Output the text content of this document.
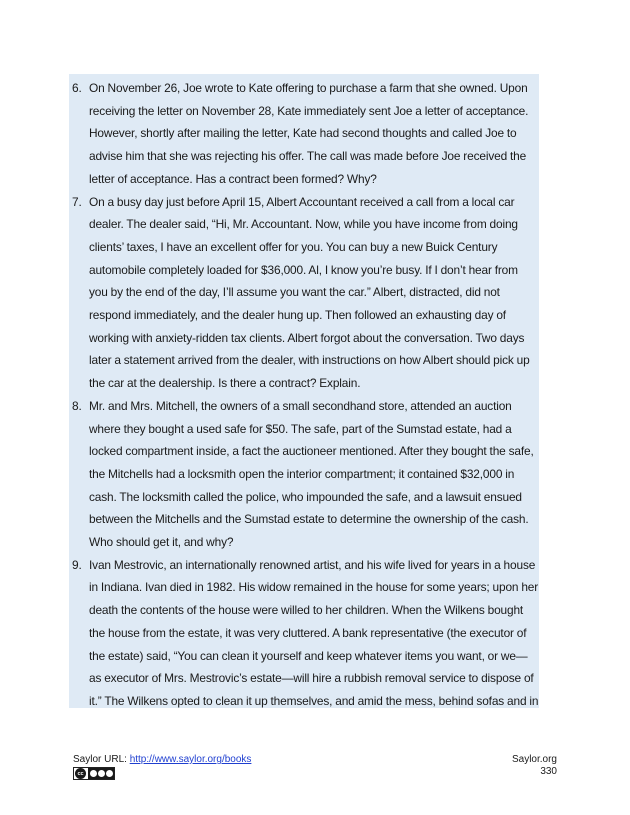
6. On November 26, Joe wrote to Kate offering to purchase a farm that she owned. Upon receiving the letter on November 28, Kate immediately sent Joe a letter of acceptance. However, shortly after mailing the letter, Kate had second thoughts and called Joe to advise him that she was rejecting his offer. The call was made before Joe received the letter of acceptance. Has a contract been formed? Why?
7. On a busy day just before April 15, Albert Accountant received a call from a local car dealer. The dealer said, “Hi, Mr. Accountant. Now, while you have income from doing clients’ taxes, I have an excellent offer for you. You can buy a new Buick Century automobile completely loaded for $36,000. Al, I know you’re busy. If I don’t hear from you by the end of the day, I’ll assume you want the car.” Albert, distracted, did not respond immediately, and the dealer hung up. Then followed an exhausting day of working with anxiety-ridden tax clients. Albert forgot about the conversation. Two days later a statement arrived from the dealer, with instructions on how Albert should pick up the car at the dealership. Is there a contract? Explain.
8. Mr. and Mrs. Mitchell, the owners of a small secondhand store, attended an auction where they bought a used safe for $50. The safe, part of the Sumstad estate, had a locked compartment inside, a fact the auctioneer mentioned. After they bought the safe, the Mitchells had a locksmith open the interior compartment; it contained $32,000 in cash. The locksmith called the police, who impounded the safe, and a lawsuit ensued between the Mitchells and the Sumstad estate to determine the ownership of the cash. Who should get it, and why?
9. Ivan Mestrovic, an internationally renowned artist, and his wife lived for years in a house in Indiana. Ivan died in 1982. His widow remained in the house for some years; upon her death the contents of the house were willed to her children. When the Wilkens bought the house from the estate, it was very cluttered. A bank representative (the executor of the estate) said, “You can clean it yourself and keep whatever items you want, or we—as executor of Mrs. Mestrovic’s estate—will hire a rubbish removal service to dispose of it.” The Wilkens opted to clean it up themselves, and amid the mess, behind sofas and in
Saylor URL: http://www.saylor.org/books
cc
Saylor.org
330
